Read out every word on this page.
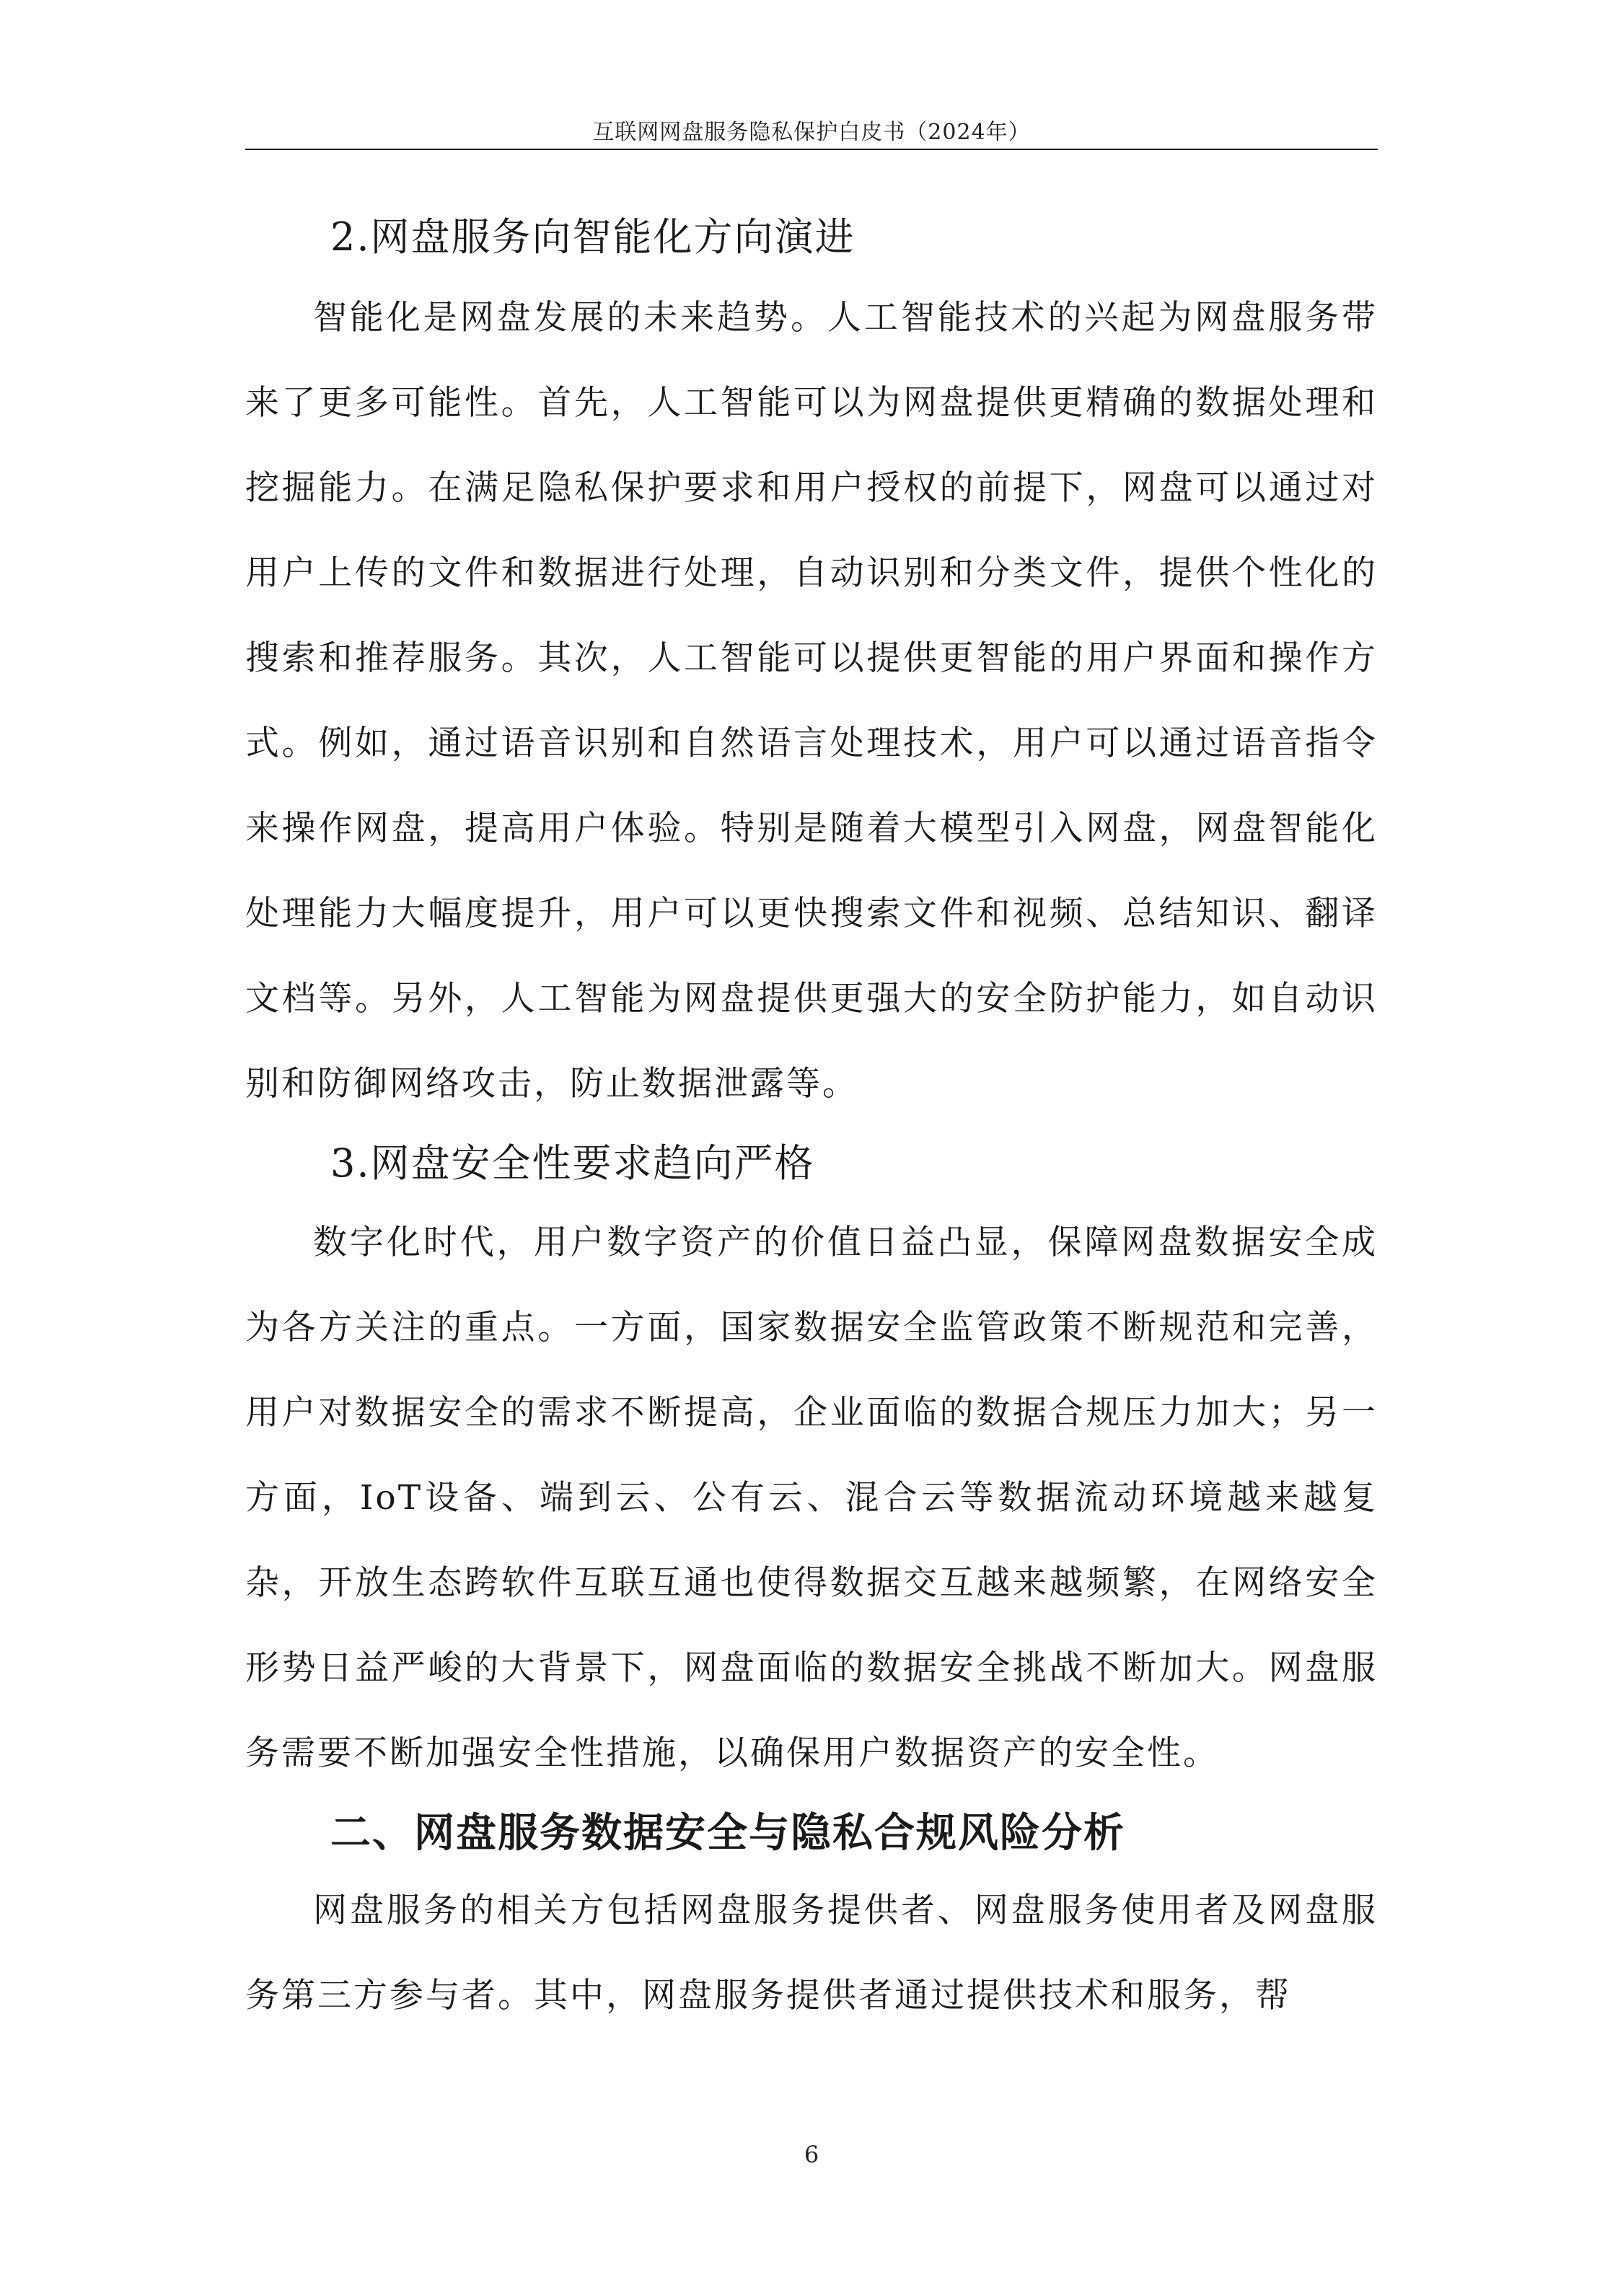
互联网网盘服务隐私保护白皮书（2024年）
2.网盘服务向智能化方向演进

智能化是网盘发展的未来趋势。人工智能技术的兴起为网盘服务带来了更多可能性。首先，人工智能可以为网盘提供更精确的数据处理和挖掘能力。在满足隐私保护要求和用户授权的前提下，网盘可以通过对用户上传的文件和数据进行处理，自动识别和分类文件，提供个性化的搜索和推荐服务。其次，人工智能可以提供更智能的用户界面和操作方式。例如，通过语音识别和自然语言处理技术，用户可以通过语音指令来操作网盘，提高用户体验。特别是随着大模型引入网盘，网盘智能化处理能力大幅度提升，用户可以更快搜索文件和视频、总结知识、翻译文档等。另外，人工智能为网盘提供更强大的安全防护能力，如自动识别和防御网络攻击，防止数据泄露等。

3.网盘安全性要求趋向严格

数字化时代，用户数字资产的价值日益凸显，保障网盘数据安全成为各方关注的重点。一方面，国家数据安全监管政策不断规范和完善，用户对数据安全的需求不断提高，企业面临的数据合规压力加大；另一方面，IoT设备、端到云、公有云、混合云等数据流动环境越来越复杂，开放生态跨软件互联互通也使得数据交互越来越频繁，在网络安全形势日益严峻的大背景下，网盘面临的数据安全挑战不断加大。网盘服务需要不断加强安全性措施，以确保用户数据资产的安全性。

二、网盘服务数据安全与隐私合规风险分析

网盘服务的相关方包括网盘服务提供者、网盘服务使用者及网盘服务第三方参与者。其中，网盘服务提供者通过提供技术和服务，帮

6
